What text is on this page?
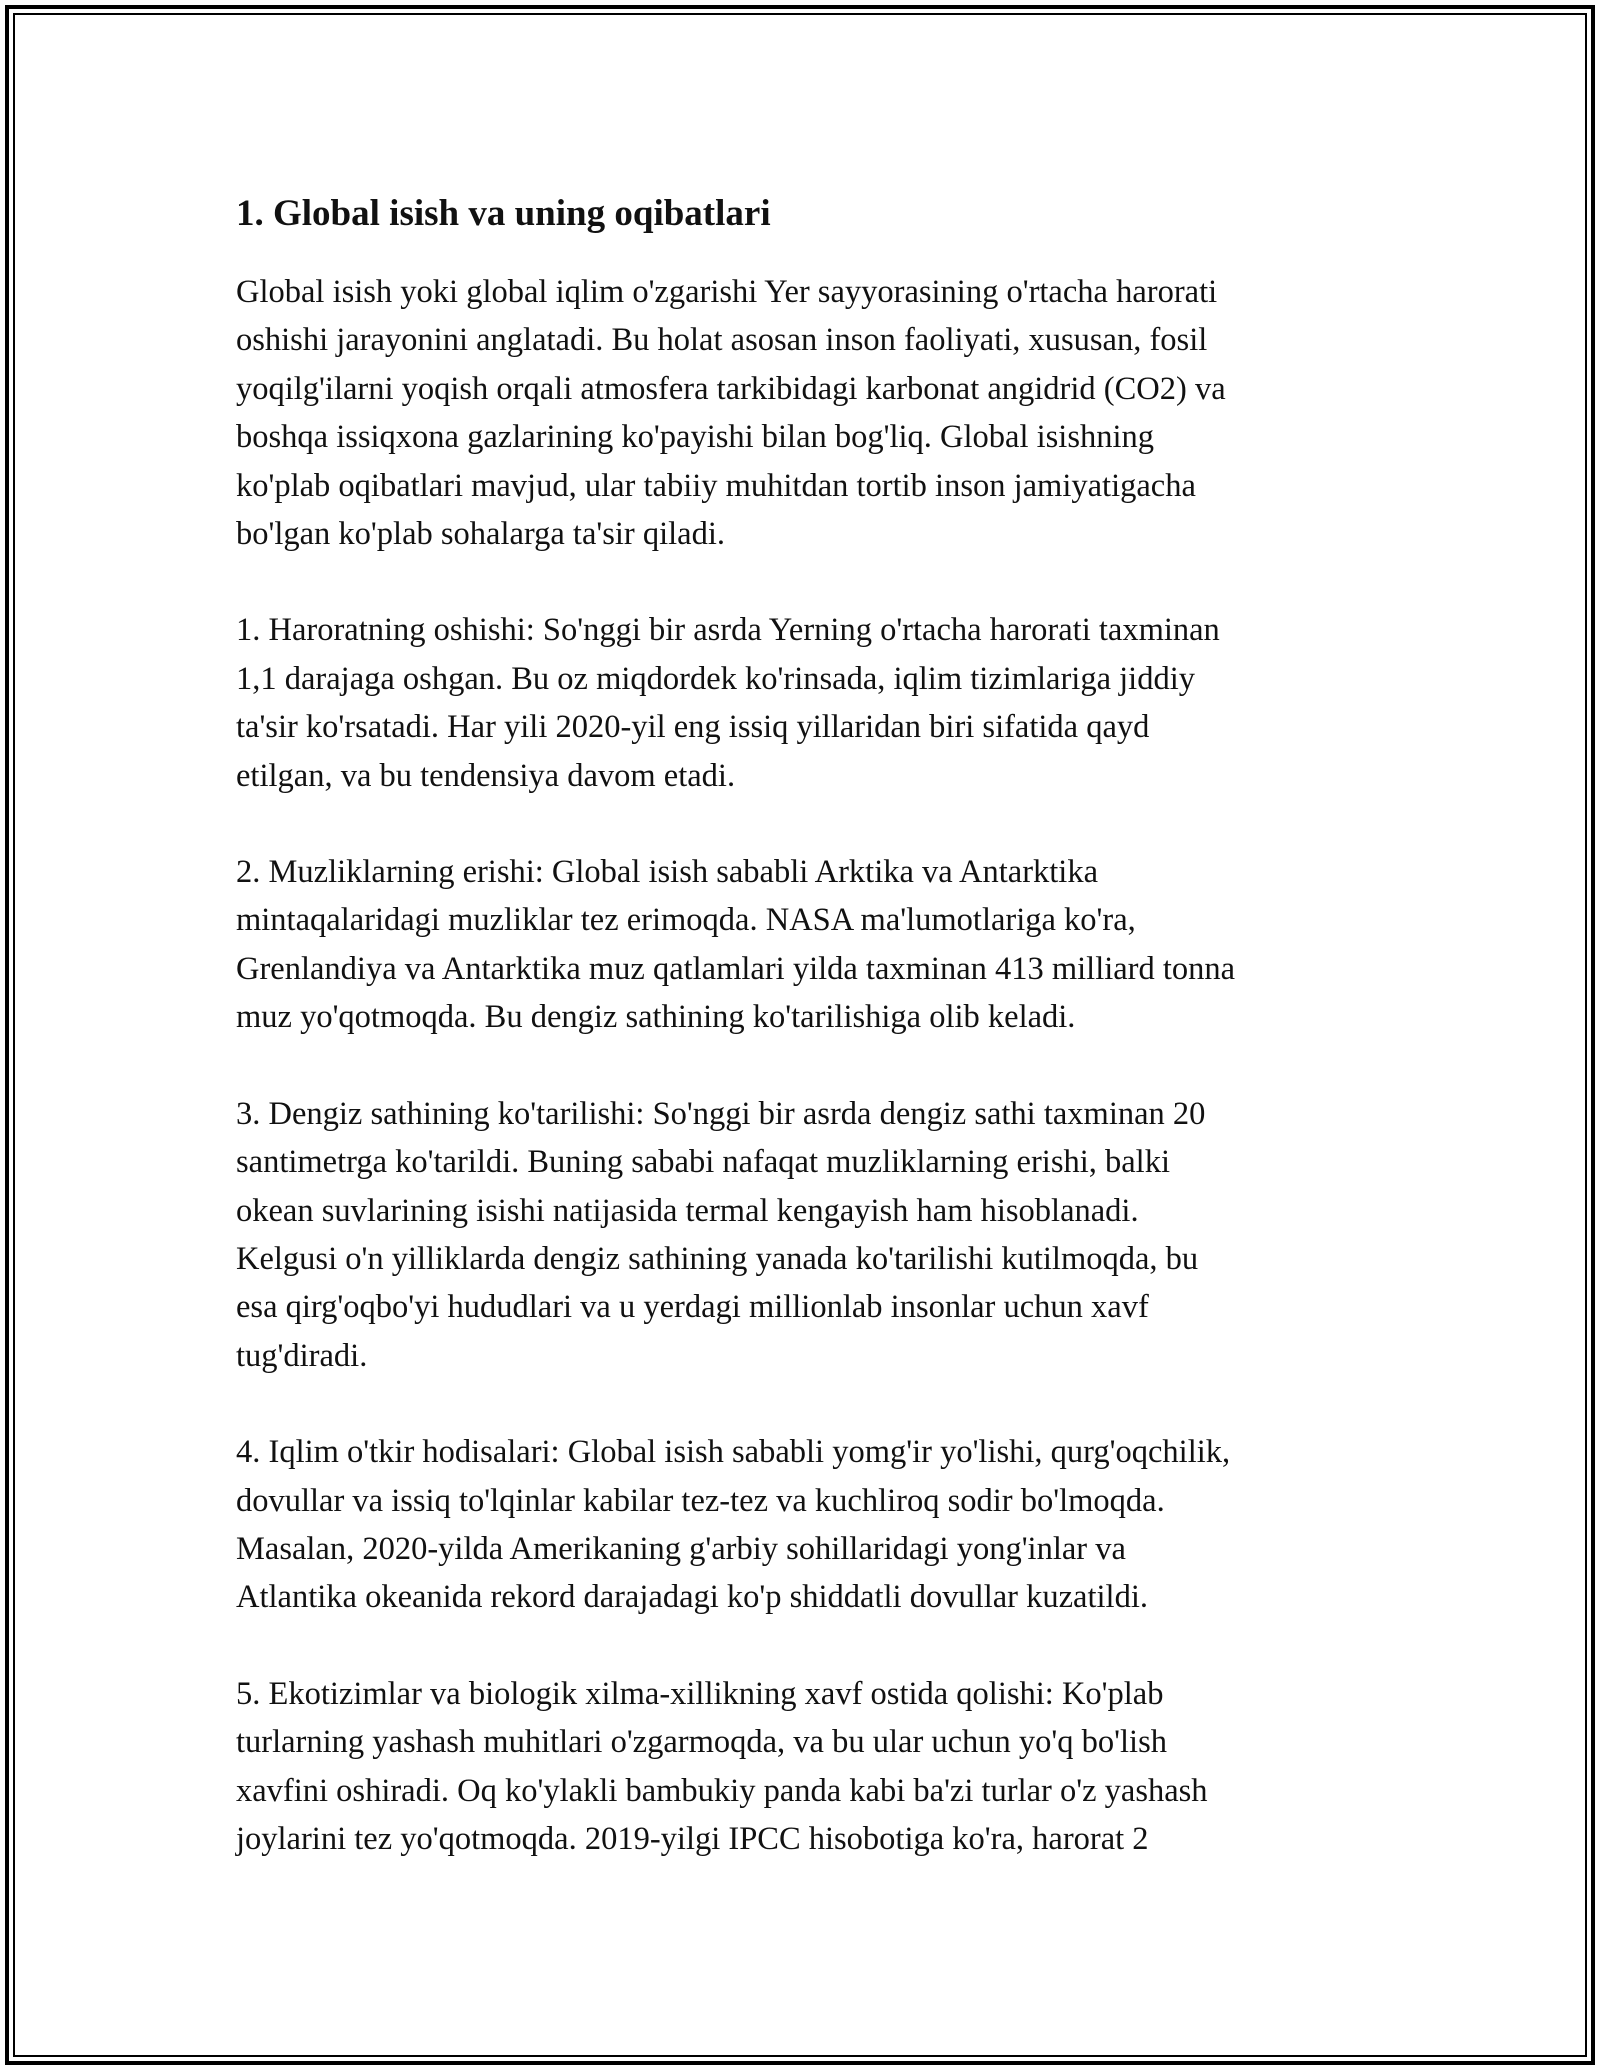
1. Global isish va uning oqibatlari

Global isish yoki global iqlim o'zgarishi Yer sayyorasining o'rtacha harorati
oshishi jarayonini anglatadi. Bu holat asosan inson faoliyati, xususan, fosil
yoqilg'ilarni yoqish orqali atmosfera tarkibidagi karbonat angidrid (CO2) va
boshqa issiqxona gazlarining ko'payishi bilan bog'liq. Global isishning
ko'plab oqibatlari mavjud, ular tabiiy muhitdan tortib inson jamiyatigacha
bo'lgan ko'plab sohalarga ta'sir qiladi.

1. Haroratning oshishi: So'nggi bir asrda Yerning o'rtacha harorati taxminan
1,1 darajaga oshgan. Bu oz miqdordek ko'rinsada, iqlim tizimlariga jiddiy
ta'sir ko'rsatadi. Har yili 2020-yil eng issiq yillaridan biri sifatida qayd
etilgan, va bu tendensiya davom etadi.

2. Muzliklarning erishi: Global isish sababli Arktika va Antarktika
mintaqalaridagi muzliklar tez erimoqda. NASA ma'lumotlariga ko'ra,
Grenlandiya va Antarktika muz qatlamlari yilda taxminan 413 milliard tonna
muz yo'qotmoqda. Bu dengiz sathining ko'tarilishiga olib keladi.

3. Dengiz sathining ko'tarilishi: So'nggi bir asrda dengiz sathi taxminan 20
santimetrga ko'tarildi. Buning sababi nafaqat muzliklarning erishi, balki
okean suvlarining isishi natijasida termal kengayish ham hisoblanadi.
Kelgusi o'n yilliklarda dengiz sathining yanada ko'tarilishi kutilmoqda, bu
esa qirg'oqbo'yi hududlari va u yerdagi millionlab insonlar uchun xavf
tug'diradi.

4. Iqlim o'tkir hodisalari: Global isish sababli yomg'ir yo'lishi, qurg'oqchilik,
dovullar va issiq to'lqinlar kabilar tez-tez va kuchliroq sodir bo'lmoqda.
Masalan, 2020-yilda Amerikaning g'arbiy sohillaridagi yong'inlar va
Atlantika okeanida rekord darajadagi ko'p shiddatli dovullar kuzatildi.

5. Ekotizimlar va biologik xilma-xillikning xavf ostida qolishi: Ko'plab
turlarning yashash muhitlari o'zgarmoqda, va bu ular uchun yo'q bo'lish
xavfini oshiradi. Oq ko'ylakli bambukiy panda kabi ba'zi turlar o'z yashash
joylarini tez yo'qotmoqda. 2019-yilgi IPCC hisobotiga ko'ra, harorat 2
